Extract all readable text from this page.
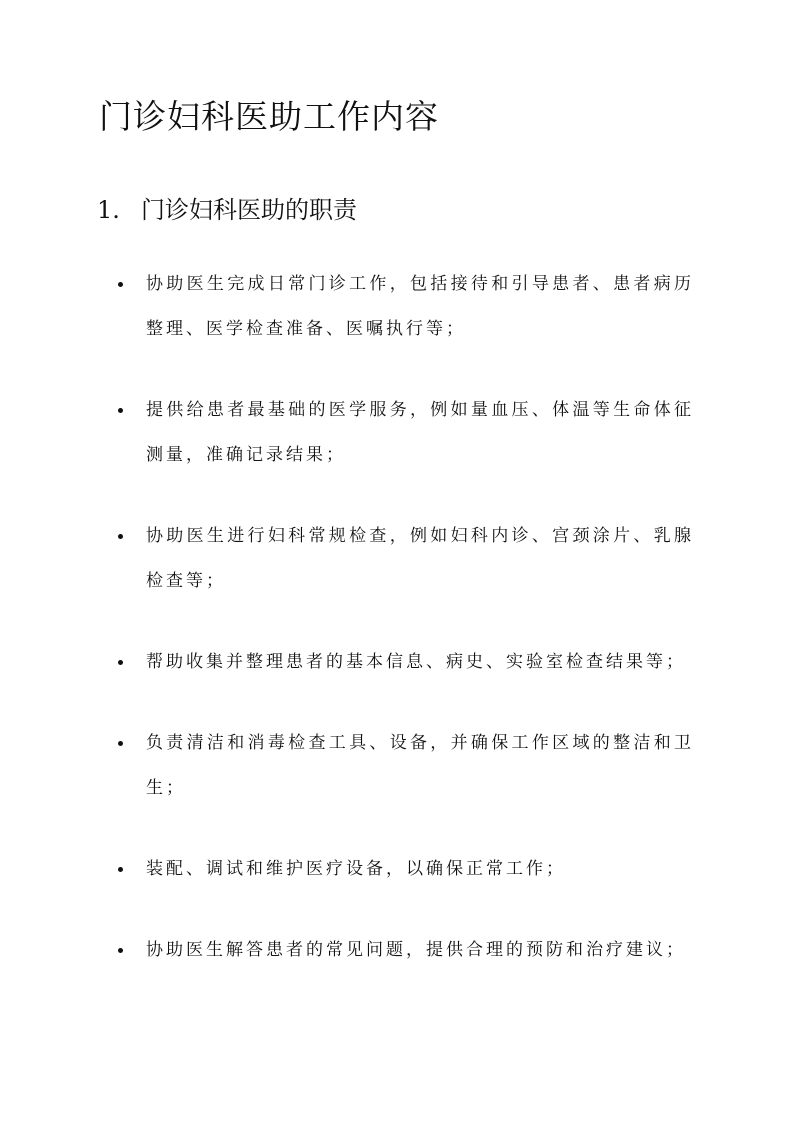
门诊妇科医助工作内容
1. 门诊妇科医助的职责
协助医生完成日常门诊工作，包括接待和引导患者、患者病历整理、医学检查准备、医嘱执行等；
提供给患者最基础的医学服务，例如量血压、体温等生命体征测量，准确记录结果；
协助医生进行妇科常规检查，例如妇科内诊、宫颈涂片、乳腺检查等；
帮助收集并整理患者的基本信息、病史、实验室检查结果等；
负责清洁和消毒检查工具、设备，并确保工作区域的整洁和卫生；
装配、调试和维护医疗设备，以确保正常工作；
协助医生解答患者的常见问题，提供合理的预防和治疗建议；
